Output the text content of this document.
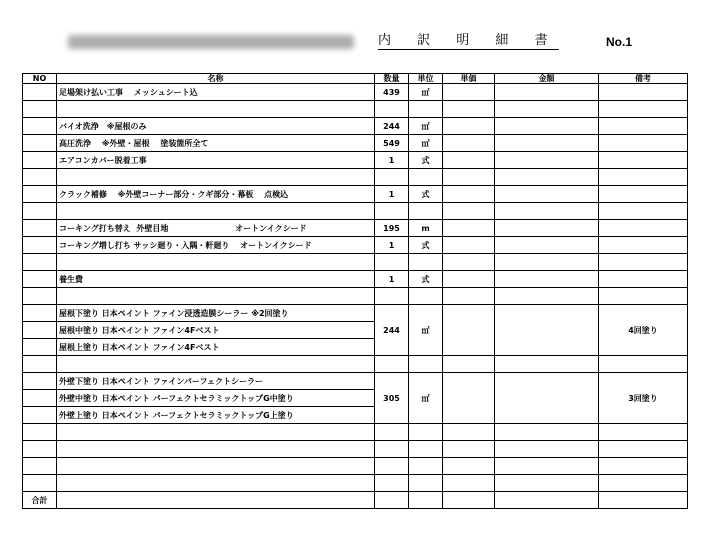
内 訳 明 細 書	No.1
NO	名称	数量	単位	単価	金額	備考
	足場架け払い工事　 メッシュシート込	439	㎡			

	バイオ洗浄　※屋根のみ	244	㎡			
	高圧洗浄　 ※外壁・屋根　 塗装箇所全て	549	㎡			
	エアコンカバー脱着工事	1	式			

	クラック補修　 ※外壁コーナー部分・クギ部分・幕板　 点検込	1	式			

	コーキング打ち替え  外壁目地                        オートンイクシード	195	m			
	コーキング増し打ち サッシ廻り・入隅・軒廻り　 オートンイクシード	1	式			

	養生費	1	式			

	屋根下塗り 日本ペイント ファイン浸透造膜シーラー ※2回塗り	244	㎡			4回塗り
	屋根中塗り 日本ペイント ファイン4Fベスト					
	屋根上塗り 日本ペイント ファイン4Fベスト					

	外壁下塗り 日本ペイント ファインパーフェクトシーラー	305	㎡			3回塗り
	外壁中塗り 日本ペイント パーフェクトセラミックトップG中塗り					
	外壁上塗り 日本ペイント パーフェクトセラミックトップG上塗り					

合計						
